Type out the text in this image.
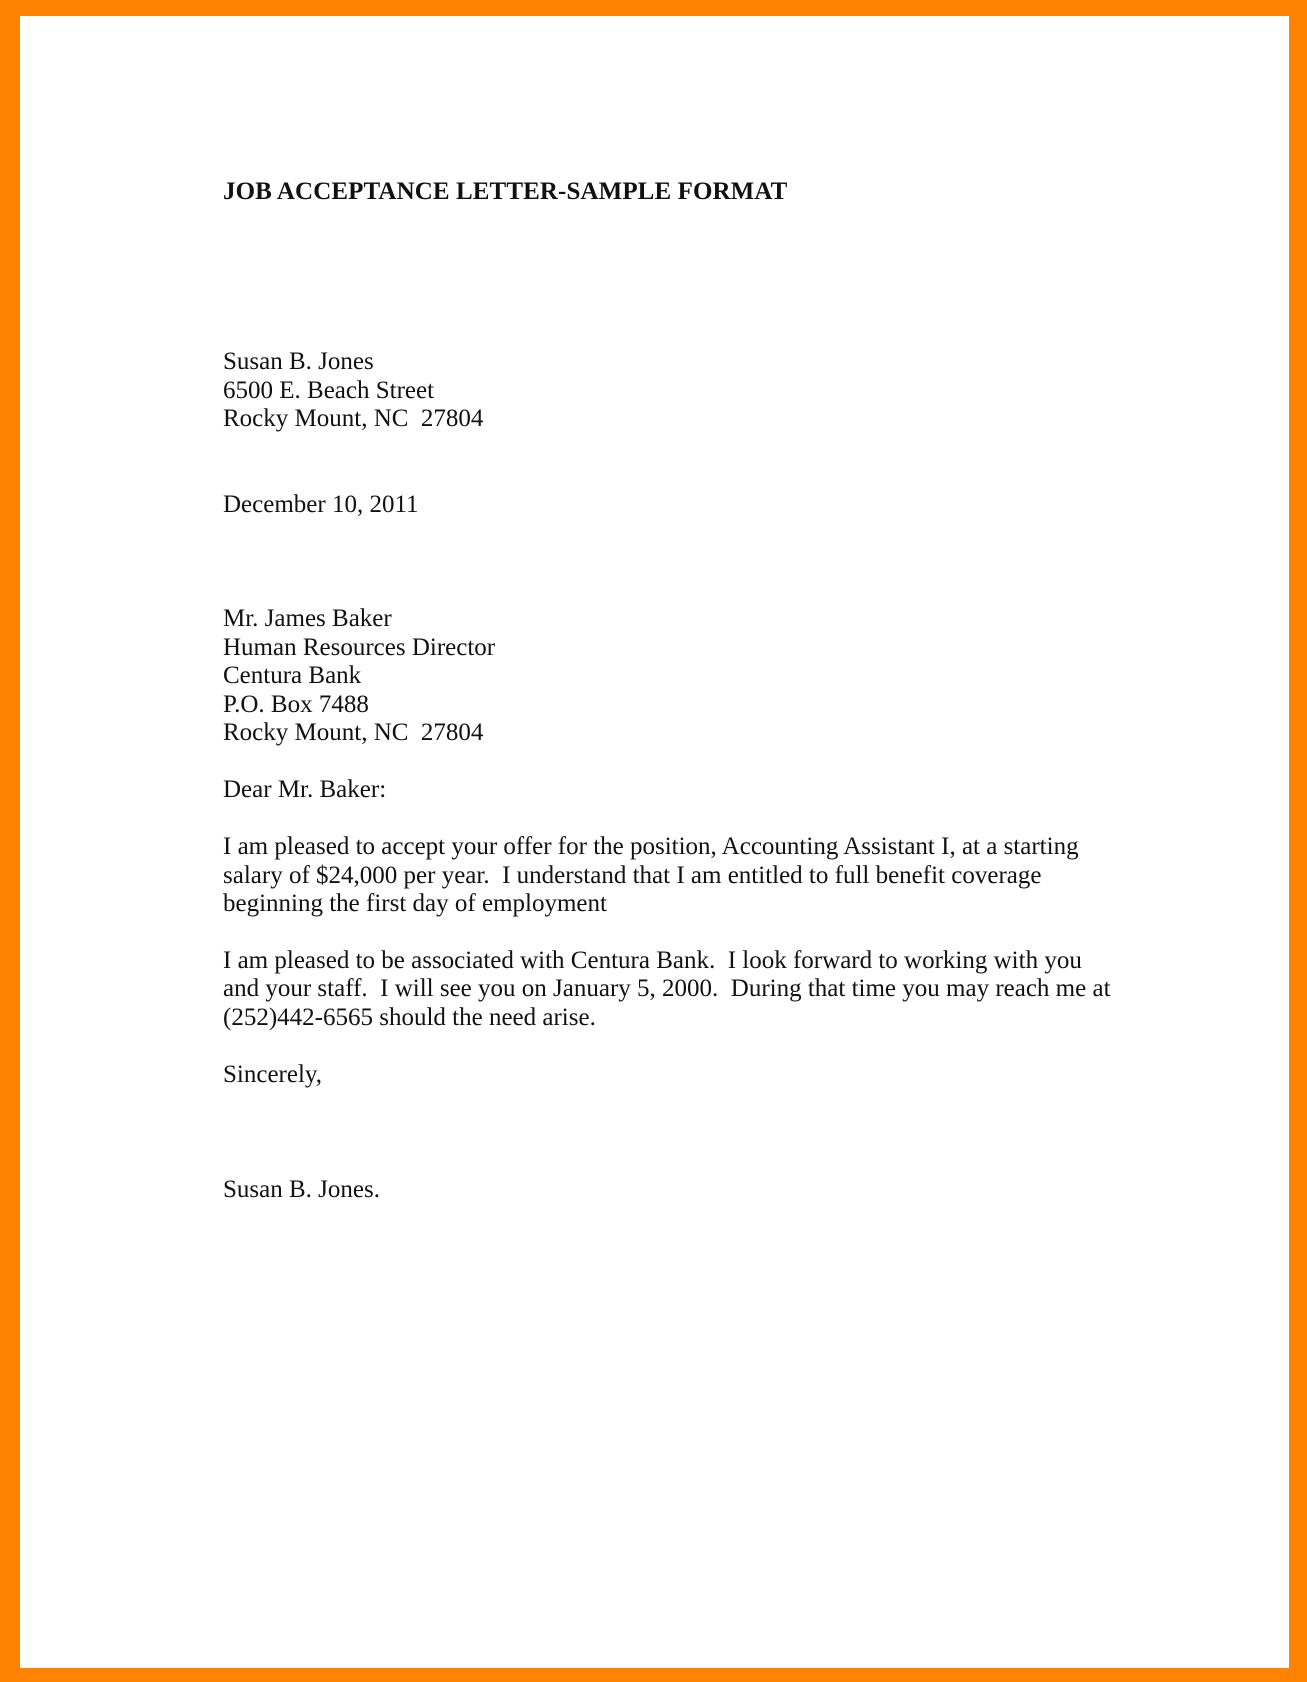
JOB ACCEPTANCE LETTER-SAMPLE FORMAT
Susan B. Jones
6500 E. Beach Street
Rocky Mount, NC  27804
December 10, 2011
Mr. James Baker
Human Resources Director
Centura Bank
P.O. Box 7488
Rocky Mount, NC  27804
Dear Mr. Baker:
I am pleased to accept your offer for the position, Accounting Assistant I, at a starting
salary of $24,000 per year.  I understand that I am entitled to full benefit coverage
beginning the first day of employment
I am pleased to be associated with Centura Bank.  I look forward to working with you
and your staff.  I will see you on January 5, 2000.  During that time you may reach me at
(252)442-6565 should the need arise.
Sincerely,
Susan B. Jones.
